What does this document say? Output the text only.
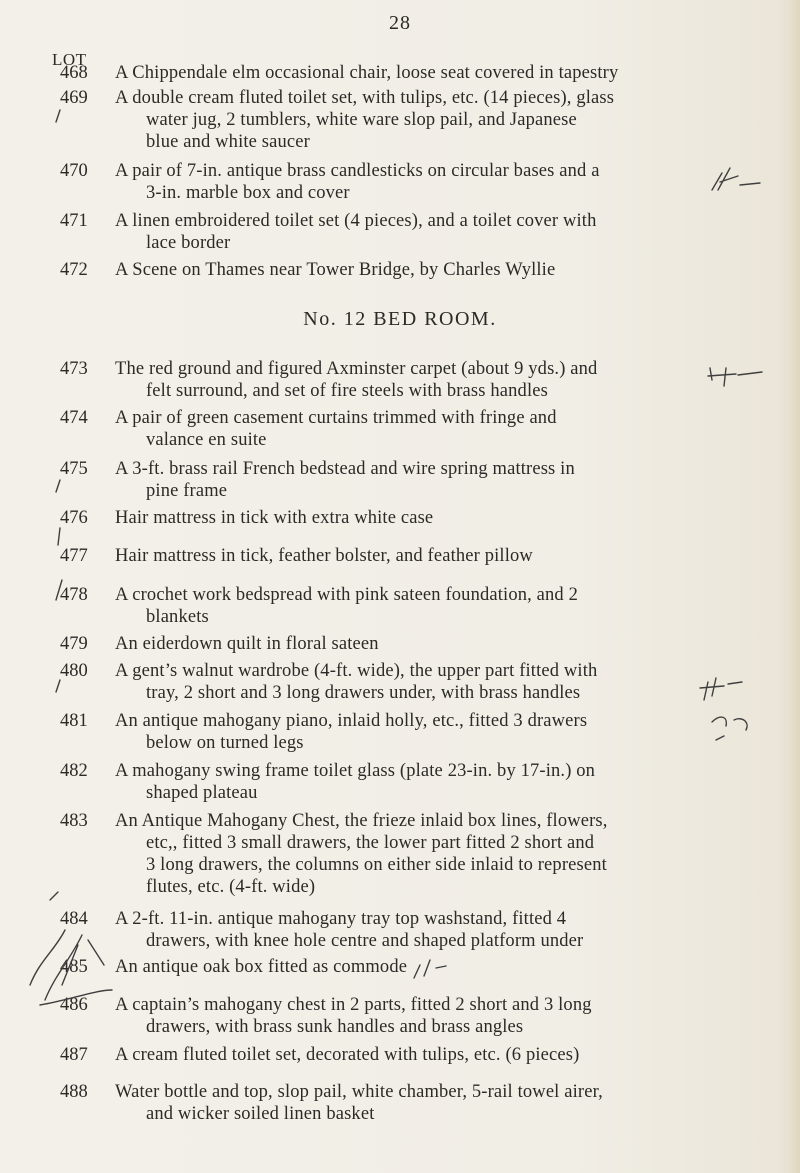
28
LOT
No. 12 BED ROOM.
468	A Chippendale elm occasional chair, loose seat covered in tapestry
469	A double cream fluted toilet set, with tulips, etc. (14 pieces), glass
water jug, 2 tumblers, white ware slop pail, and Japanese
blue and white saucer
470	A pair of 7-in. antique brass candlesticks on circular bases and a
3-in. marble box and cover
471	A linen embroidered toilet set (4 pieces), and a toilet cover with
lace border
472	A Scene on Thames near Tower Bridge, by Charles Wyllie
473	The red ground and figured Axminster carpet (about 9 yds.) and
felt surround, and set of fire steels with brass handles
474	A pair of green casement curtains trimmed with fringe and
valance en suite
475	A 3-ft. brass rail French bedstead and wire spring mattress in
pine frame
476	Hair mattress in tick with extra white case
477	Hair mattress in tick, feather bolster, and feather pillow
478	A crochet work bedspread with pink sateen foundation, and 2
blankets
479	An eiderdown quilt in floral sateen
480	A gent’s walnut wardrobe (4-ft. wide), the upper part fitted with
tray, 2 short and 3 long drawers under, with brass handles
481	An antique mahogany piano, inlaid holly, etc., fitted 3 drawers
below on turned legs
482	A mahogany swing frame toilet glass (plate 23-in. by 17-in.) on
shaped plateau
483	An Antique Mahogany Chest, the frieze inlaid box lines, flowers,
etc,, fitted 3 small drawers, the lower part fitted 2 short and
3 long drawers, the columns on either side inlaid to represent
flutes, etc. (4-ft. wide)
484	A 2-ft. 11-in. antique mahogany tray top washstand, fitted 4
drawers, with knee hole centre and shaped platform under
485	An antique oak box fitted as commode
486	A captain’s mahogany chest in 2 parts, fitted 2 short and 3 long
drawers, with brass sunk handles and brass angles
487	A cream fluted toilet set, decorated with tulips, etc. (6 pieces)
488	Water bottle and top, slop pail, white chamber, 5-rail towel airer,
and wicker soiled linen basket
